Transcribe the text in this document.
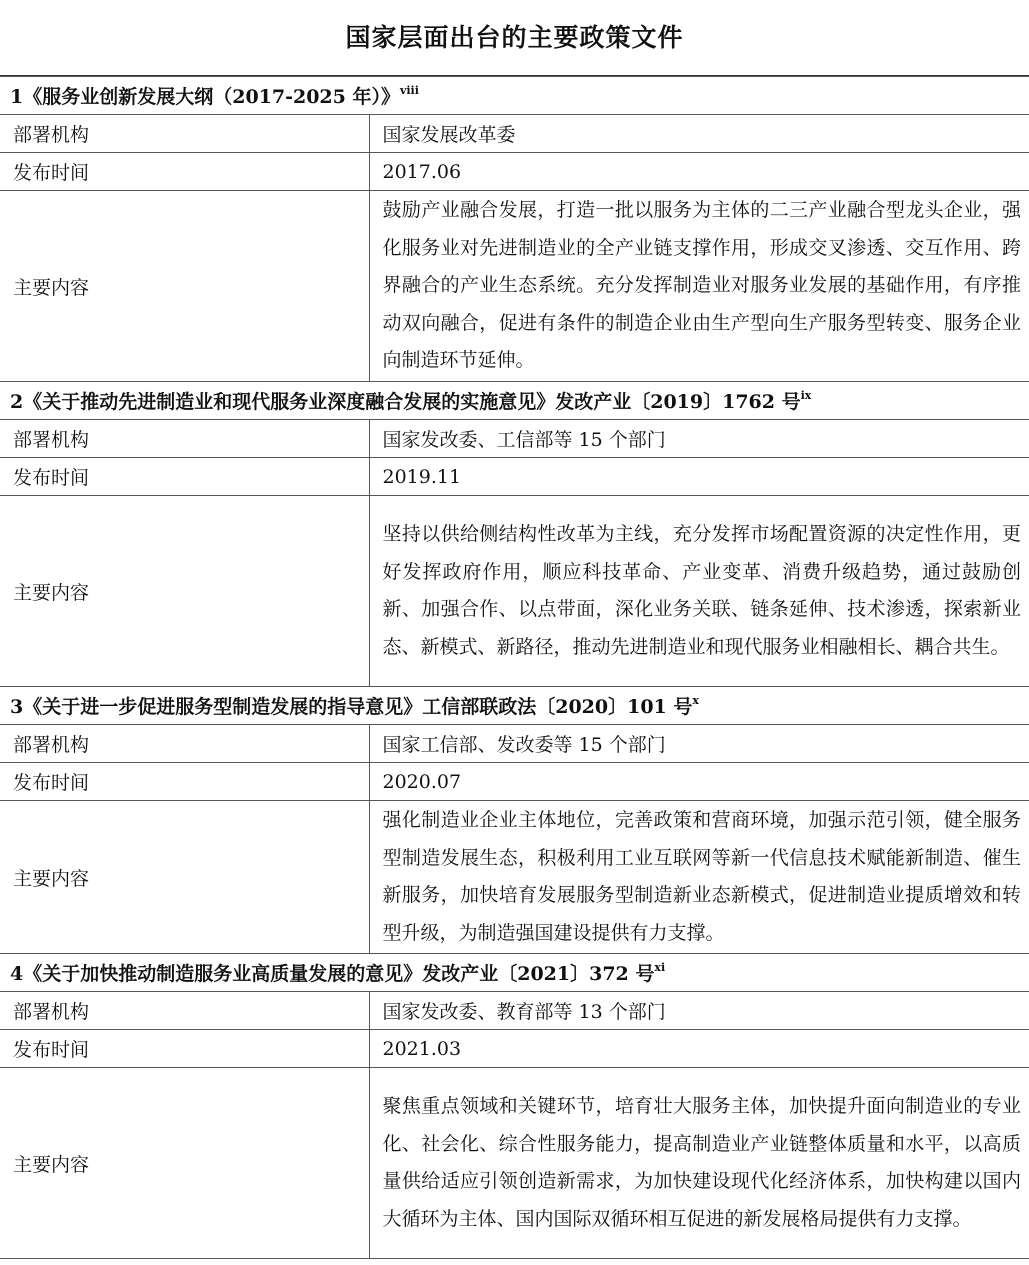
国家层面出台的主要政策文件
1《服务业创新发展大纲（2017-2025 年）》$^{viii}$
部署机构	国家发展改革委
发布时间	2017.06
主要内容	鼓励产业融合发展，打造一批以服务为主体的二三产业融合型龙头企业，强化服务业对先进制造业的全产业链支撑作用，形成交叉渗透、交互作用、跨界融合的产业生态系统。充分发挥制造业对服务业发展的基础作用，有序推动双向融合，促进有条件的制造企业由生产型向生产服务型转变、服务企业向制造环节延伸。
2《关于推动先进制造业和现代服务业深度融合发展的实施意见》发改产业〔2019〕1762 号$^{ix}$
部署机构	国家发改委、工信部等 15 个部门
发布时间	2019.11
主要内容	坚持以供给侧结构性改革为主线，充分发挥市场配置资源的决定性作用，更好发挥政府作用，顺应科技革命、产业变革、消费升级趋势，通过鼓励创新、加强合作、以点带面，深化业务关联、链条延伸、技术渗透，探索新业态、新模式、新路径，推动先进制造业和现代服务业相融相长、耦合共生。
3《关于进一步促进服务型制造发展的指导意见》工信部联政法〔2020〕101 号$^x$
部署机构	国家工信部、发改委等 15 个部门
发布时间	2020.07
主要内容	强化制造业企业主体地位，完善政策和营商环境，加强示范引领，健全服务型制造发展生态，积极利用工业互联网等新一代信息技术赋能新制造、催生新服务，加快培育发展服务型制造新业态新模式，促进制造业提质增效和转型升级，为制造强国建设提供有力支撑。
4《关于加快推动制造服务业高质量发展的意见》发改产业〔2021〕372 号$^{xi}$
部署机构	国家发改委、教育部等 13 个部门
发布时间	2021.03
主要内容	聚焦重点领域和关键环节，培育壮大服务主体，加快提升面向制造业的专业化、社会化、综合性服务能力，提高制造业产业链整体质量和水平，以高质量供给适应引领创造新需求，为加快建设现代化经济体系，加快构建以国内大循环为主体、国内国际双循环相互促进的新发展格局提供有力支撑。
